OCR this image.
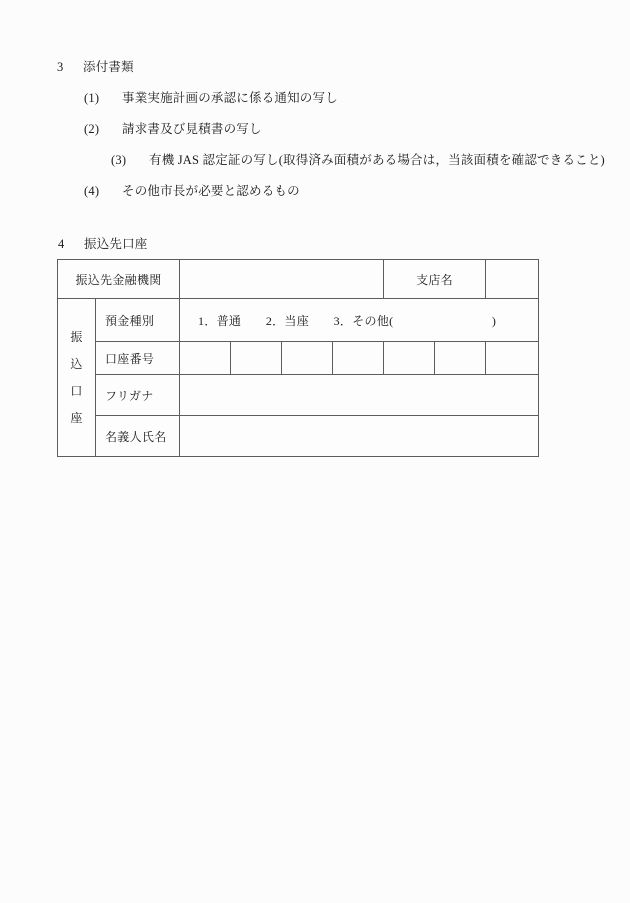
3 添付書類
(1) 事業実施計画の承認に係る通知の写し
(2) 請求書及び見積書の写し
(3) 有機 JAS 認定証の写し(取得済み面積がある場合は，当該面積を確認できること)
(4) その他市長が必要と認めるもの
4 振込先口座
振込先金融機関						支店名		

振
込
口
座	預金種別	1．普通　　2．当座　　3．その他(　　　　　　　　)						
	口座番号							
	フリガナ							
	名義人氏名							
